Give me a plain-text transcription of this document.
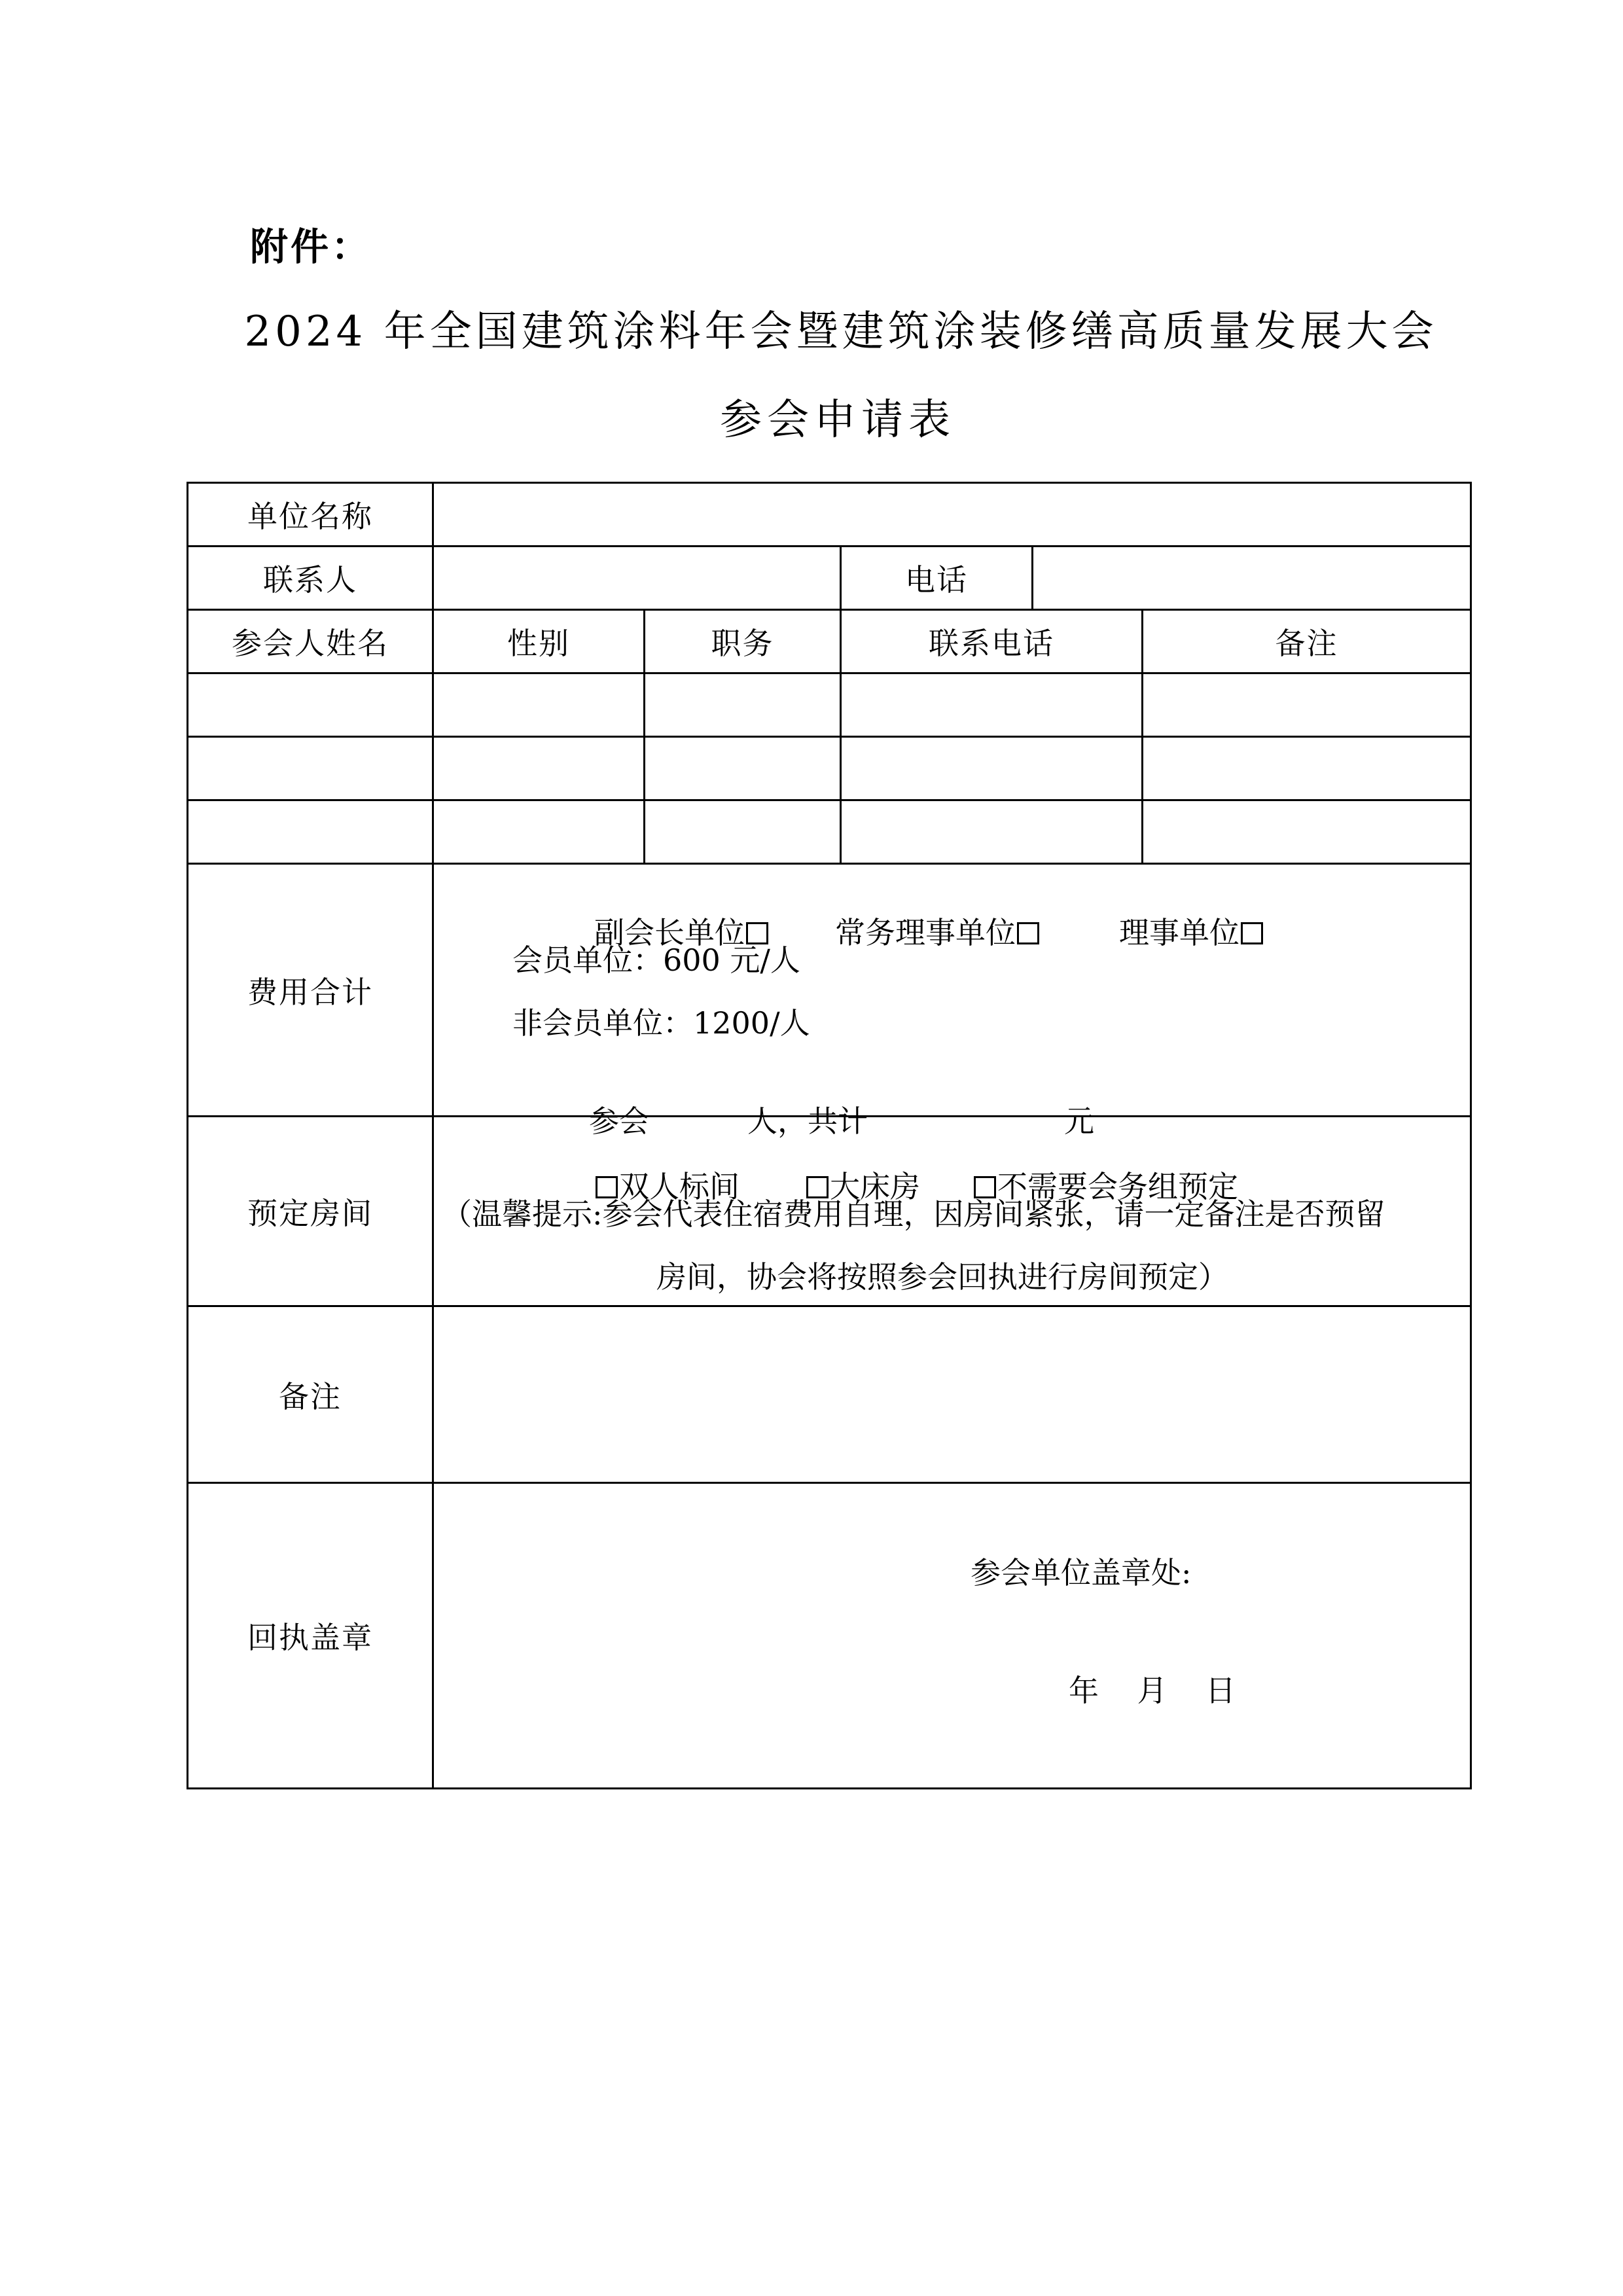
附件：
2024 年全国建筑涂料年会暨建筑涂装修缮高质量发展大会
参会申请表
单位名称					
联系人			电话		
参会人姓名	性别	职务	联系电话		备注

费用合计	副会长单位 常务理事单位 理事单位

会员单位：600 元/人
非会员单位：1200/人

参会 人，共计 元				

预定房间	双人标间 大床房 不需要会务组预定

（温馨提示:参会代表住宿费用自理，因房间紧张，请一定备注是否预留
房间，协会将按照参会回执进行房间预定）				

备注					
回执盖章	参会单位盖章处:
年    月    日				
